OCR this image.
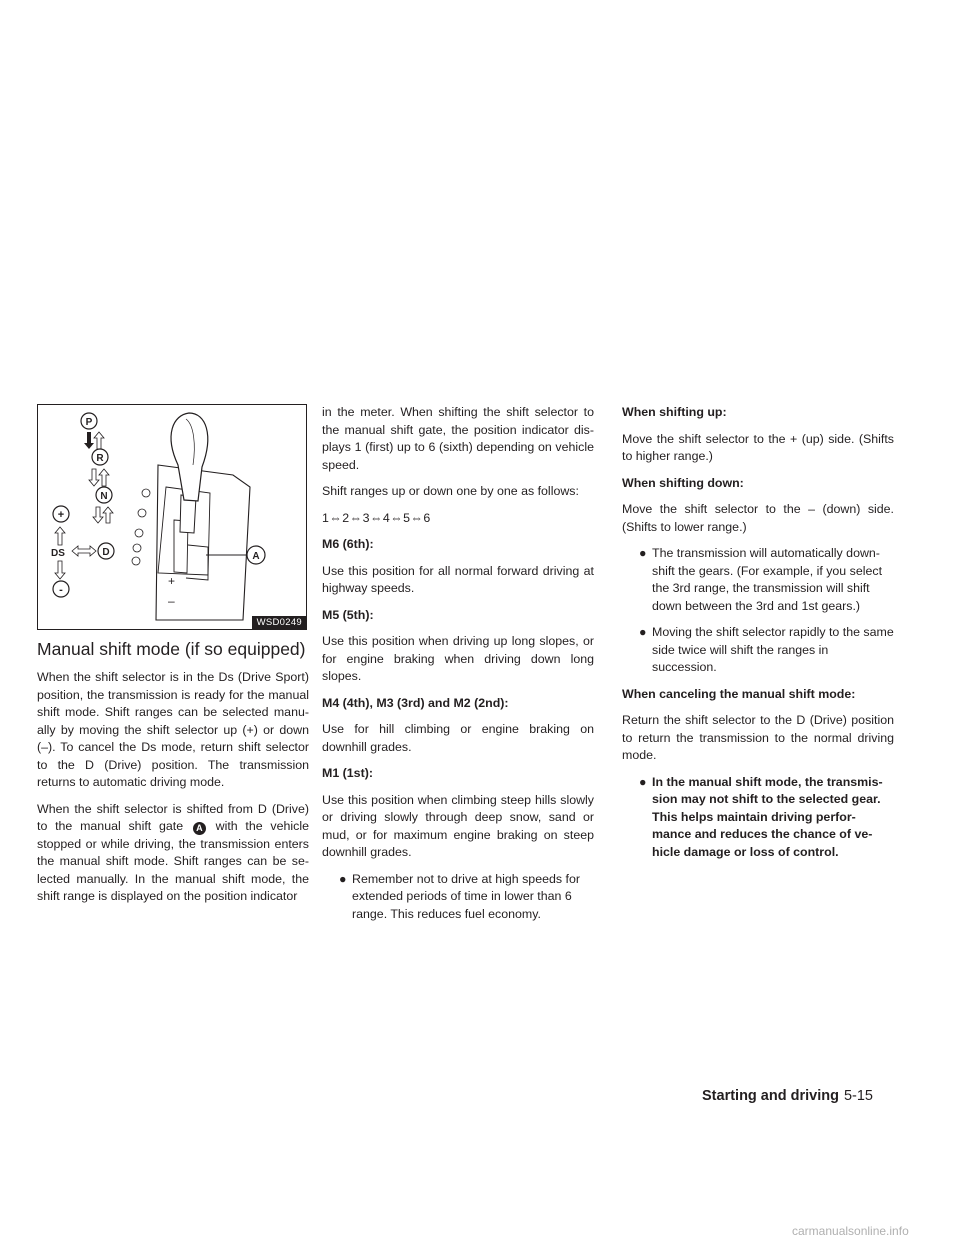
+
–
P
R
N
D
+
DS
-
A
WSD0249
Manual shift mode (if so equipped)

When the shift selector is in the Ds (Drive Sport) position, the transmission is ready for the manual shift mode. Shift ranges can be selected manu-ally by moving the shift selector up (+) or down (–). To cancel the Ds mode, return shift selector to the D (Drive) position. The transmission returns to automatic driving mode.

When the shift selector is shifted from D (Drive) to the manual shift gate A with the vehicle stopped or while driving, the transmission enters the manual shift mode. Shift ranges can be se-lected manually. In the manual shift mode, the shift range is displayed on the position indicator

in the meter. When shifting the shift selector to the manual shift gate, the position indicator dis-plays 1 (first) up to 6 (sixth) depending on vehicle speed.

Shift ranges up or down one by one as follows:

1⇔2⇔3⇔4⇔5⇔6

M6 (6th):

Use this position for all normal forward driving at highway speeds.

M5 (5th):

Use this position when driving up long slopes, or for engine braking when driving down long slopes.

M4 (4th), M3 (3rd) and M2 (2nd):

Use for hill climbing or engine braking on downhill grades.

M1 (1st):

Use this position when climbing steep hills slowly or driving slowly through deep snow, sand or mud, or for maximum engine braking on steep downhill grades.

● Remember not to drive at high speeds for extended periods of time in lower than 6 range. This reduces fuel economy.

When shifting up:

Move the shift selector to the + (up) side. (Shifts to higher range.)

When shifting down:

Move the shift selector to the – (down) side. (Shifts to lower range.)

● The transmission will automatically down-shift the gears. (For example, if you select the 3rd range, the transmission will shift down between the 3rd and 1st gears.)
● Moving the shift selector rapidly to the same side twice will shift the ranges in succession.

When canceling the manual shift mode:

Return the shift selector to the D (Drive) position to return the transmission to the normal driving mode.

● In the manual shift mode, the transmis-sion may not shift to the selected gear. This helps maintain driving perfor-mance and reduces the chance of ve-hicle damage or loss of control.
Starting and driving 5-15
carmanualsonline.info
